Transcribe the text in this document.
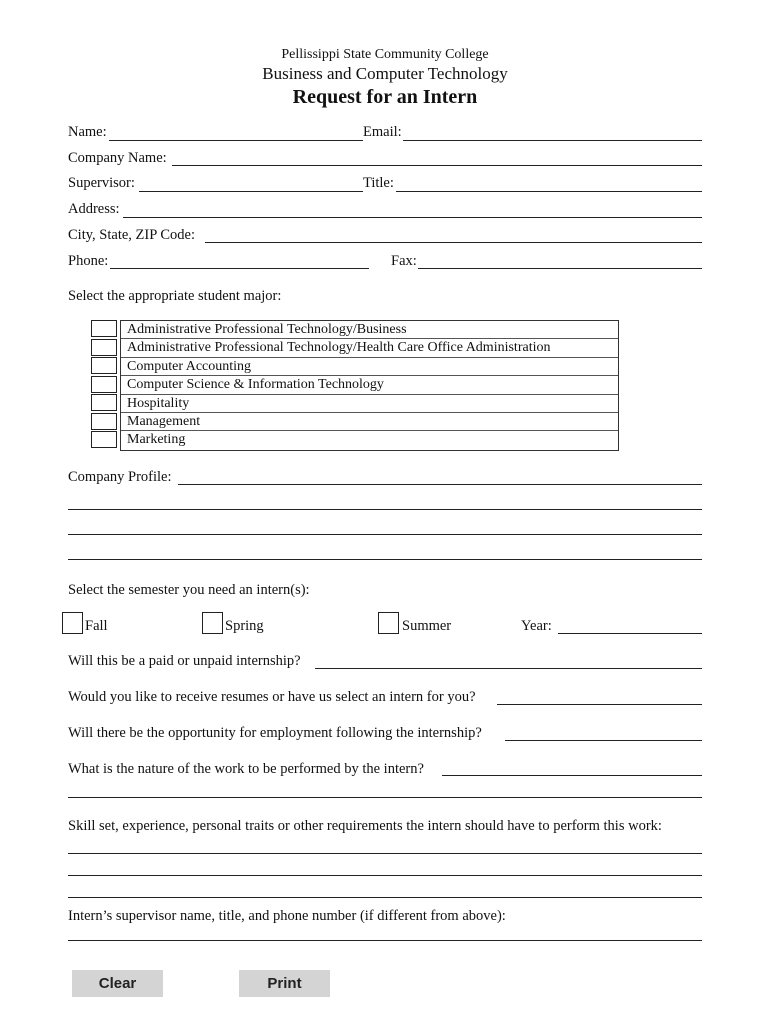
Pellissippi State Community College
Business and Computer Technology
Request for an Intern
Name:	Email:
Company Name:
Supervisor:	Title:
Address:
City, State, ZIP Code:
Phone:	Fax:
Select the appropriate student major:
Administrative Professional Technology/Business
Administrative Professional Technology/Health Care Office Administration
Computer Accounting
Computer Science & Information Technology
Hospitality
Management
Marketing
Company Profile:
Select the semester you need an intern(s):
Fall	Spring	Summer	Year:
Will this be a paid or unpaid internship?
Would you like to receive resumes or have us select an intern for you?
Will there be the opportunity for employment following the internship?
What is the nature of the work to be performed by the intern?
Skill set, experience, personal traits or other requirements the intern should have to perform this work:
Intern’s supervisor name, title, and phone number (if different from above):
Clear	Print
